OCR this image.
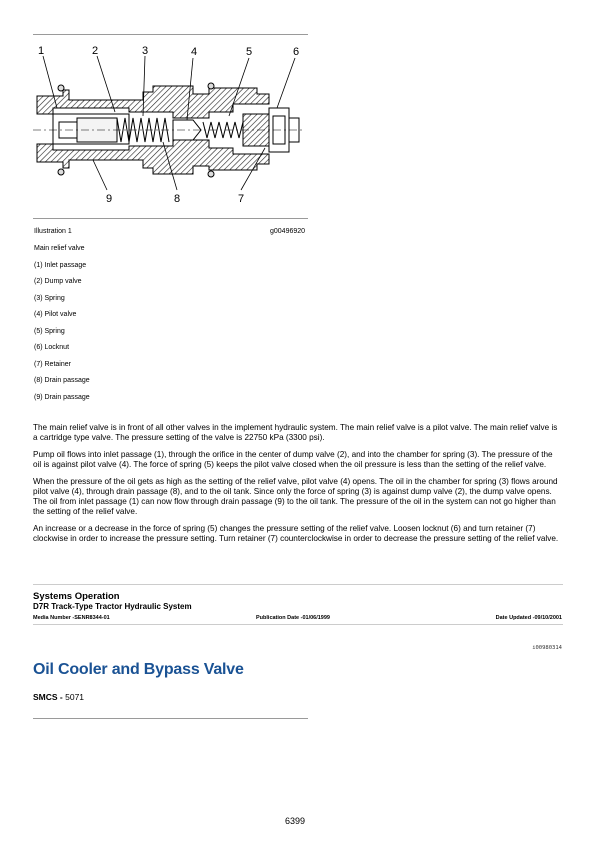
1	2	3	4	5	6
9	8	7
Illustration 1	g00496920
Main relief valve
(1) Inlet passage
(2) Dump valve
(3) Spring
(4) Pilot valve
(5) Spring
(6) Locknut
(7) Retainer
(8) Drain passage
(9) Drain passage

The main relief valve is in front of all other valves in the implement hydraulic system. The main relief valve is a pilot valve. The main relief valve is a cartridge type valve. The pressure setting of the valve is 22750 kPa (3300 psi).

Pump oil flows into inlet passage (1), through the orifice in the center of dump valve (2), and into the chamber for spring (3). The pressure of the oil is against pilot valve (4). The force of spring (5) keeps the pilot valve closed when the oil pressure is less than the setting of the relief valve.

When the pressure of the oil gets as high as the setting of the relief valve, pilot valve (4) opens. The oil in the chamber for spring (3) flows around pilot valve (4), through drain passage (8), and to the oil tank. Since only the force of spring (3) is against dump valve (2), the dump valve opens. The oil from inlet passage (1) can now flow through drain passage (9) to the oil tank. The pressure of the oil in the system can not go higher than the setting of the relief valve.

An increase or a decrease in the force of spring (5) changes the pressure setting of the relief valve. Loosen locknut (6) and turn retainer (7) clockwise in order to increase the pressure setting. Turn retainer (7) counterclockwise in order to decrease the pressure setting of the relief valve.

Systems Operation
D7R Track-Type Tractor Hydraulic System
Media Number -SENR8344-01	Publication Date -01/06/1999	Date Updated -09/10/2001
i00980314
Oil Cooler and Bypass Valve
SMCS - 5071
6399
